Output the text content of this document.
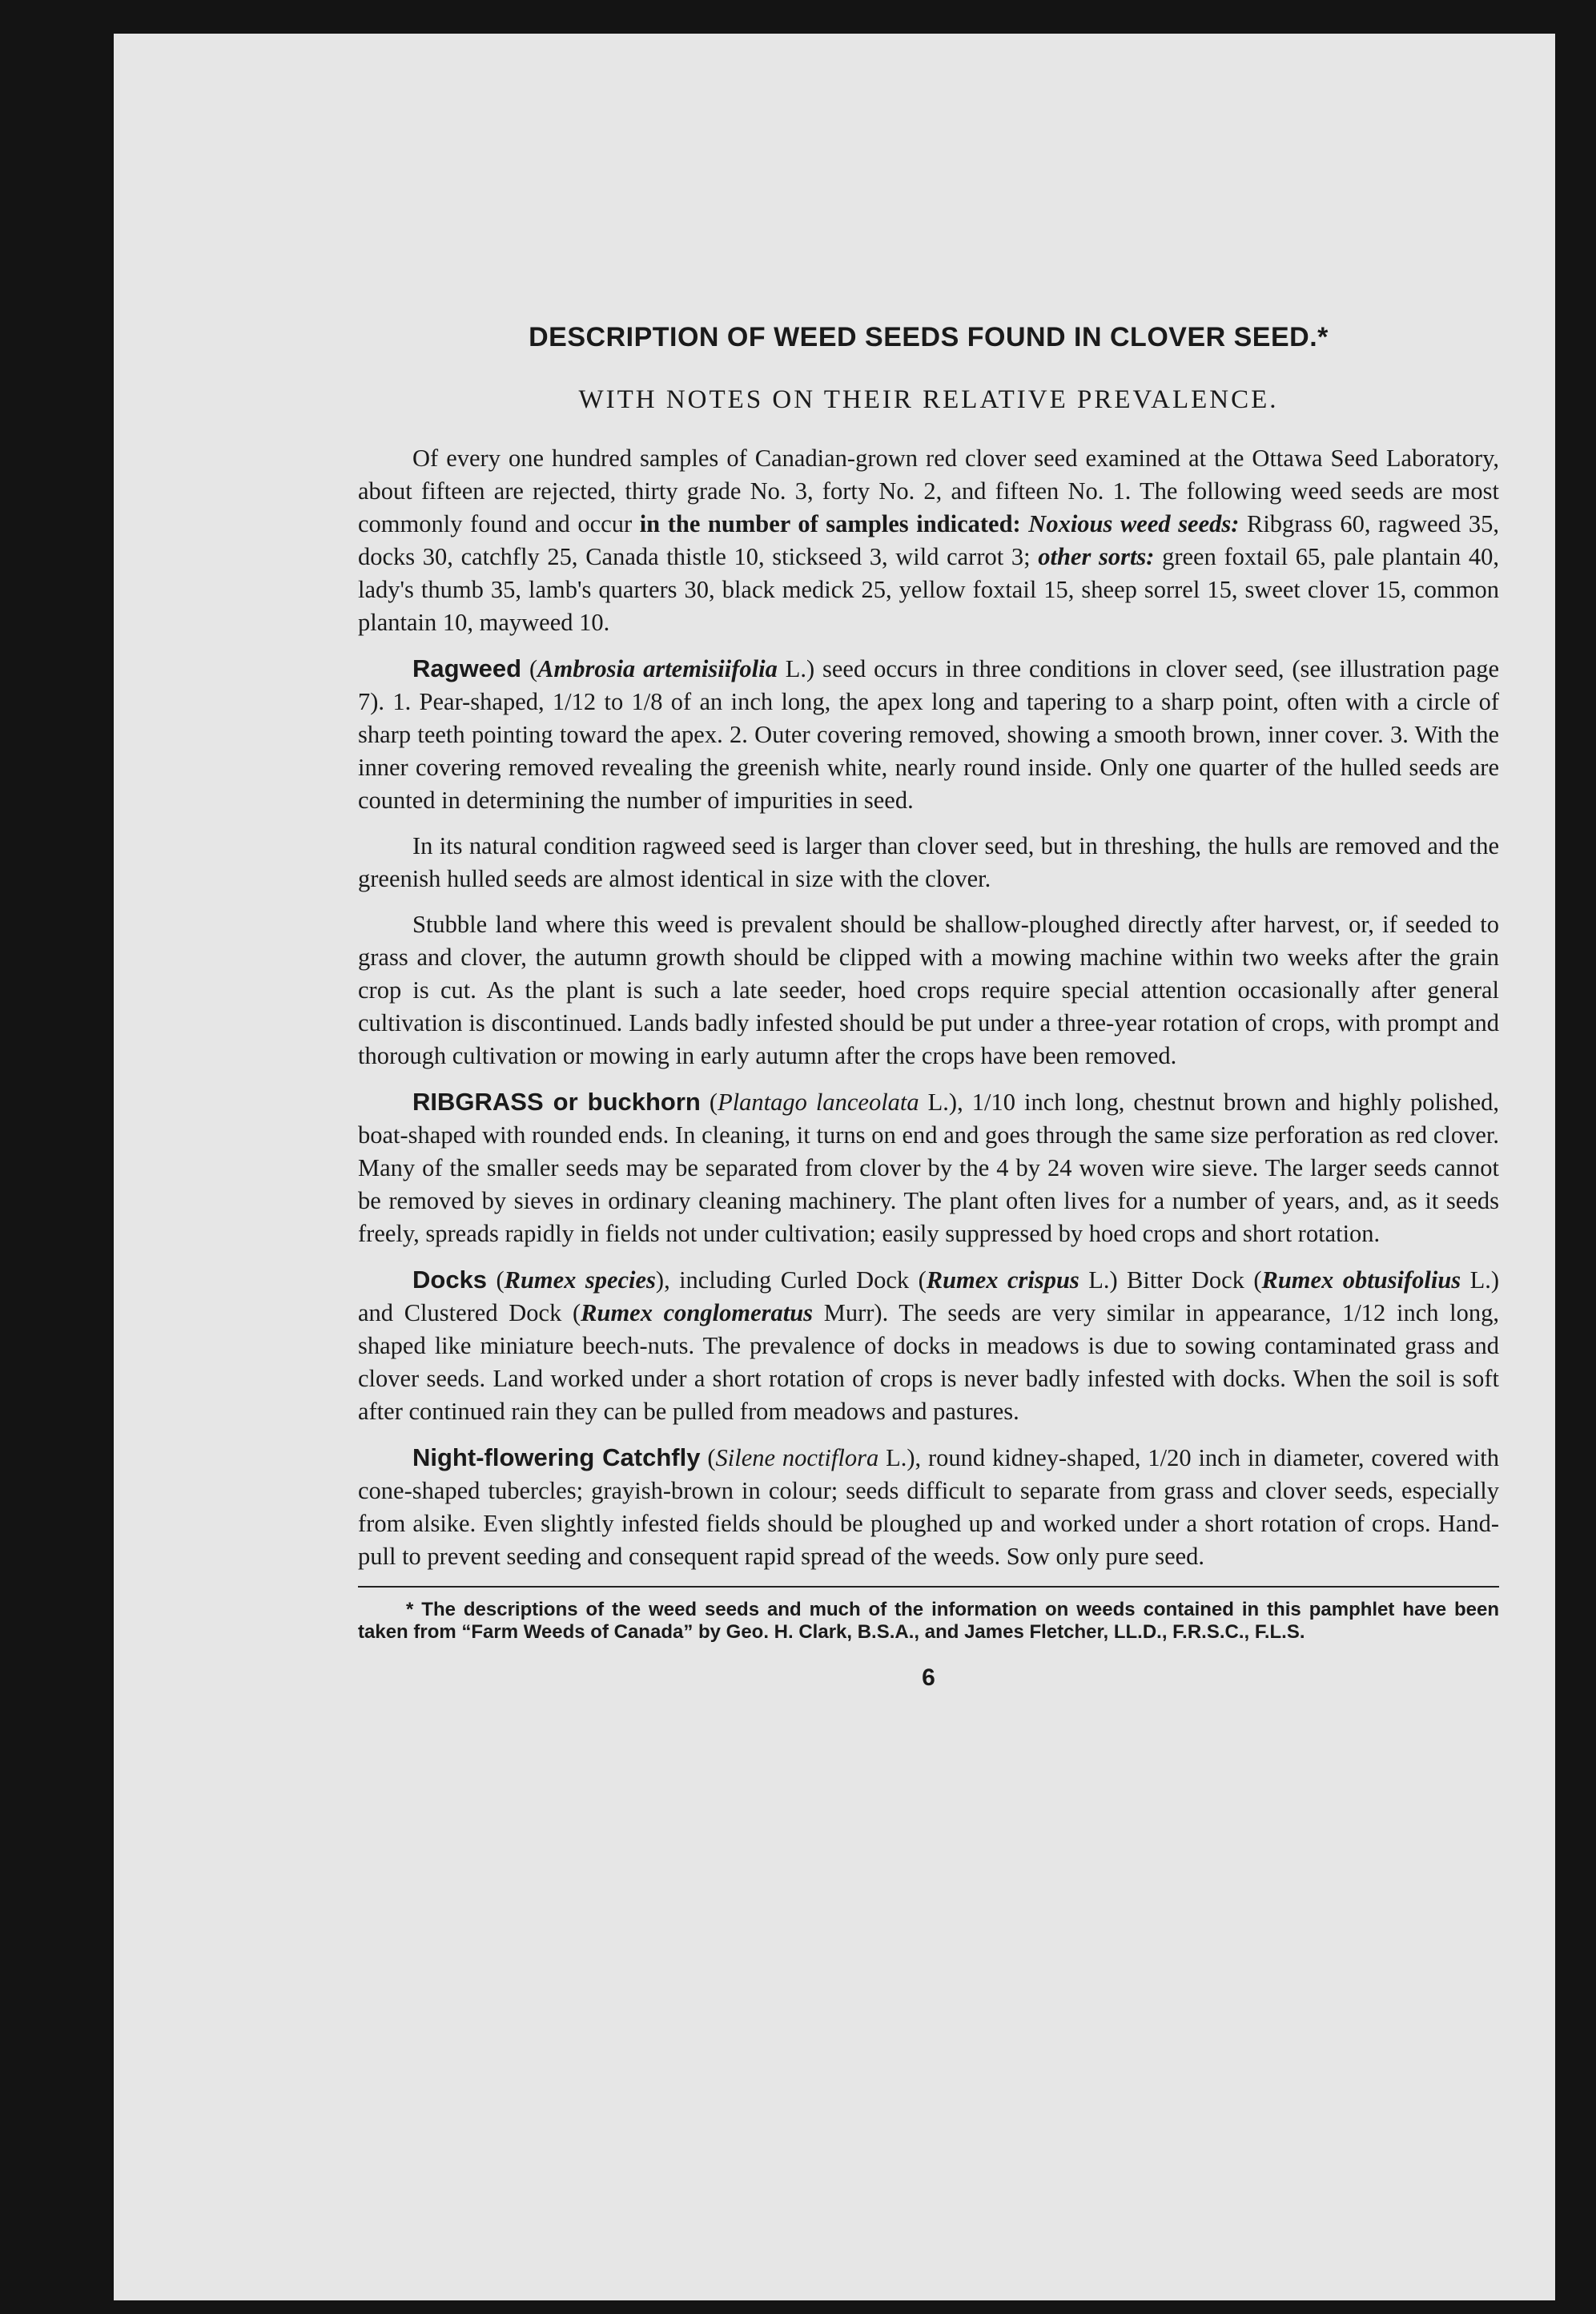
DESCRIPTION OF WEED SEEDS FOUND IN CLOVER SEED.*
WITH NOTES ON THEIR RELATIVE PREVALENCE.

Of every one hundred samples of Canadian-grown red clover seed examined at the Ottawa Seed Laboratory, about fifteen are rejected, thirty grade No. 3, forty No. 2, and fifteen No. 1. The following weed seeds are most commonly found and occur in the number of samples indicated: Noxious weed seeds: Ribgrass 60, ragweed 35, docks 30, catchfly 25, Canada thistle 10, stickseed 3, wild carrot 3; other sorts: green foxtail 65, pale plantain 40, lady's thumb 35, lamb's quarters 30, black medick 25, yellow foxtail 15, sheep sorrel 15, sweet clover 15, common plantain 10, mayweed 10.

Ragweed (Ambrosia artemisiifolia L.) seed occurs in three conditions in clover seed, (see illustration page 7). 1. Pear-shaped, 1/12 to 1/8 of an inch long, the apex long and tapering to a sharp point, often with a circle of sharp teeth pointing toward the apex. 2. Outer covering removed, showing a smooth brown, inner cover. 3. With the inner covering removed revealing the greenish white, nearly round inside. Only one quarter of the hulled seeds are counted in determining the number of impurities in seed.

In its natural condition ragweed seed is larger than clover seed, but in threshing, the hulls are removed and the greenish hulled seeds are almost identical in size with the clover.

Stubble land where this weed is prevalent should be shallow-ploughed directly after harvest, or, if seeded to grass and clover, the autumn growth should be clipped with a mowing machine within two weeks after the grain crop is cut. As the plant is such a late seeder, hoed crops require special attention occasionally after general cultivation is discontinued. Lands badly infested should be put under a three-year rotation of crops, with prompt and thorough cultivation or mowing in early autumn after the crops have been removed.

RIBGRASS or buckhorn (Plantago lanceolata L.), 1/10 inch long, chestnut brown and highly polished, boat-shaped with rounded ends. In cleaning, it turns on end and goes through the same size perforation as red clover. Many of the smaller seeds may be separated from clover by the 4 by 24 woven wire sieve. The larger seeds cannot be removed by sieves in ordinary cleaning machinery. The plant often lives for a number of years, and, as it seeds freely, spreads rapidly in fields not under cultivation; easily suppressed by hoed crops and short rotation.

Docks (Rumex species), including Curled Dock (Rumex crispus L.) Bitter Dock (Rumex obtusifolius L.) and Clustered Dock (Rumex conglomeratus Murr). The seeds are very similar in appearance, 1/12 inch long, shaped like miniature beech-nuts. The prevalence of docks in meadows is due to sowing contaminated grass and clover seeds. Land worked under a short rotation of crops is never badly infested with docks. When the soil is soft after continued rain they can be pulled from meadows and pastures.

Night-flowering Catchfly (Silene noctiflora L.), round kidney-shaped, 1/20 inch in diameter, covered with cone-shaped tubercles; grayish-brown in colour; seeds difficult to separate from grass and clover seeds, especially from alsike. Even slightly infested fields should be ploughed up and worked under a short rotation of crops. Hand-pull to prevent seeding and consequent rapid spread of the weeds. Sow only pure seed.

* The descriptions of the weed seeds and much of the information on weeds contained in this pamphlet have been taken from “Farm Weeds of Canada” by Geo. H. Clark, B.S.A., and James Fletcher, LL.D., F.R.S.C., F.L.S.

6
